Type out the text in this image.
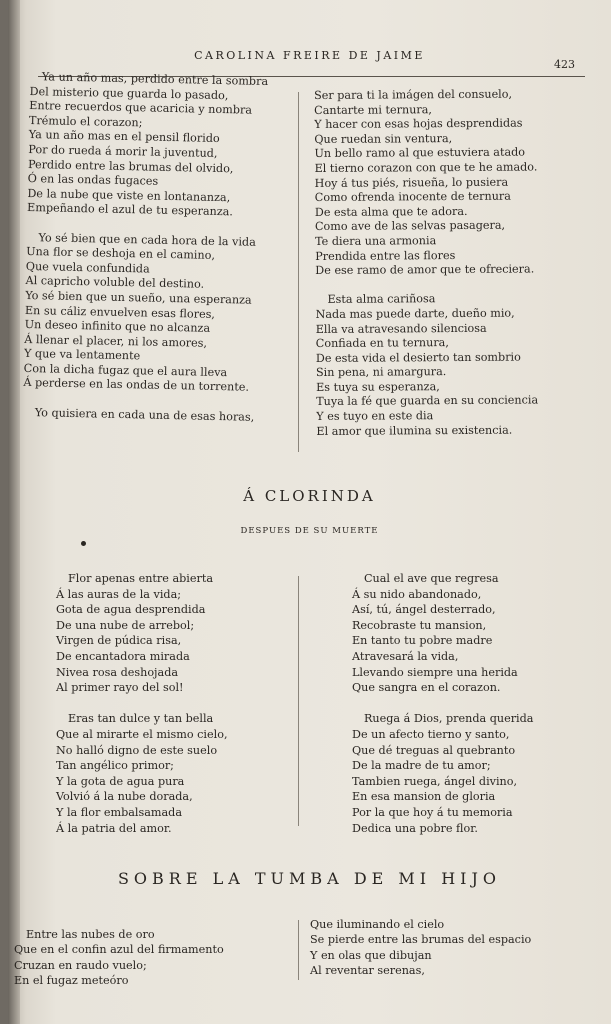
CAROLINA FREIRE DE JAIME
423
Ya un año mas, perdido entre la sombra
Del misterio que guarda lo pasado,
Entre recuerdos que acaricia y nombra
Trémulo el corazon;
Ya un año mas en el pensil florido
Por do rueda á morir la juventud,
Perdido entre las brumas del olvido,
Ó en las ondas fugaces
De la nube que viste en lontananza,
Empeñando el azul de tu esperanza.
Yo sé bien que en cada hora de la vida
Una flor se deshoja en el camino,
Que vuela confundida
Al capricho voluble del destino.
Yo sé bien que un sueño, una esperanza
En su cáliz envuelven esas flores,
Un deseo infinito que no alcanza
Á llenar el placer, ni los amores,
Y que va lentamente
Con la dicha fugaz que el aura lleva
Á perderse en las ondas de un torrente.
Yo quisiera en cada una de esas horas,
Ser para ti la imágen del consuelo,
Cantarte mi ternura,
Y hacer con esas hojas desprendidas
Que ruedan sin ventura,
Un bello ramo al que estuviera atado
El tierno corazon con que te he amado.
Hoy á tus piés, risueña, lo pusiera
Como ofrenda inocente de ternura
De esta alma que te adora.
Como ave de las selvas pasagera,
Te diera una armonia
Prendida entre las flores
De ese ramo de amor que te ofreciera.
Esta alma cariñosa
Nada mas puede darte, dueño mio,
Ella va atravesando silenciosa
Confiada en tu ternura,
De esta vida el desierto tan sombrio
Sin pena, ni amargura.
Es tuya su esperanza,
Tuya la fé que guarda en su conciencia
Y es tuyo en este dia
El amor que ilumina su existencia.
Á CLORINDA
DESPUES DE SU MUERTE
Flor apenas entre abierta
Á las auras de la vida;
Gota de agua desprendida
De una nube de arrebol;
Virgen de púdica risa,
De encantadora mirada
Nivea rosa deshojada
Al primer rayo del sol!
Eras tan dulce y tan bella
Que al mirarte el mismo cielo,
No halló digno de este suelo
Tan angélico primor;
Y la gota de agua pura
Volvió á la nube dorada,
Y la flor embalsamada
Á la patria del amor.
Cual el ave que regresa
Á su nido abandonado,
Así, tú, ángel desterrado,
Recobraste tu mansion,
En tanto tu pobre madre
Atravesará la vida,
Llevando siempre una herida
Que sangra en el corazon.
Ruega á Dios, prenda querida
De un afecto tierno y santo,
Que dé treguas al quebranto
De la madre de tu amor;
Tambien ruega, ángel divino,
En esa mansion de gloria
Por la que hoy á tu memoria
Dedica una pobre flor.
SOBRE LA TUMBA DE MI HIJO
Entre las nubes de oro
Que en el confin azul del firmamento
Cruzan en raudo vuelo;
En el fugaz meteóro
Que iluminando el cielo
Se pierde entre las brumas del espacio
Y en olas que dibujan
Al reventar serenas,
